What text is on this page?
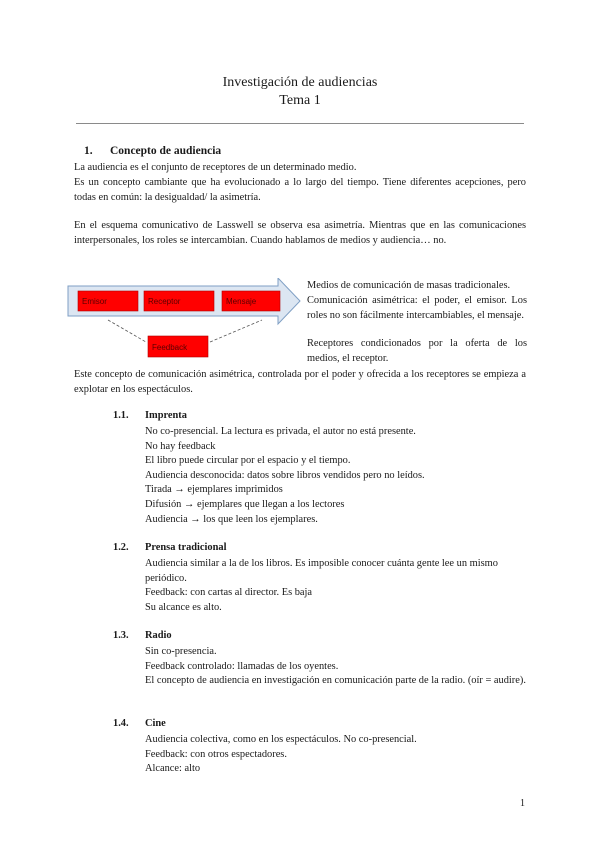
Investigación de audiencias
Tema 1
1. Concepto de audiencia
La audiencia es el conjunto de receptores de un determinado medio.
Es un concepto cambiante que ha evolucionado a lo largo del tiempo. Tiene diferentes acepciones, pero todas en común: la desigualdad/ la asimetría.
En el esquema comunicativo de Lasswell se observa esa asimetría. Mientras que en las comunicaciones interpersonales, los roles se intercambian. Cuando hablamos de medios y audiencia… no.
Emisor	Receptor	Mensaje
Feedback
Medios de comunicación de masas tradicionales.
Comunicación asimétrica: el poder, el emisor. Los roles no son fácilmente intercambiables, el mensaje.
Receptores condicionados por la oferta de los medios, el receptor.
Este concepto de comunicación asimétrica, controlada por el poder y ofrecida a los receptores se empieza a explotar en los espectáculos.
1.1. Imprenta
No co-presencial. La lectura es privada, el autor no está presente.
No hay feedback
El libro puede circular por el espacio y el tiempo.
Audiencia desconocida: datos sobre libros vendidos pero no leídos.
Tirada → ejemplares imprimidos
Difusión → ejemplares que llegan a los lectores
Audiencia → los que leen los ejemplares.
1.2. Prensa tradicional
Audiencia similar a la de los libros. Es imposible conocer cuánta gente lee un mismo periódico.
Feedback: con cartas al director. Es baja
Su alcance es alto.
1.3. Radio
Sin co-presencia.
Feedback controlado: llamadas de los oyentes.
El concepto de audiencia en investigación en comunicación parte de la radio. (oír = audire).
1.4. Cine
Audiencia colectiva, como en los espectáculos. No co-presencial.
Feedback: con otros espectadores.
Alcance: alto
1
